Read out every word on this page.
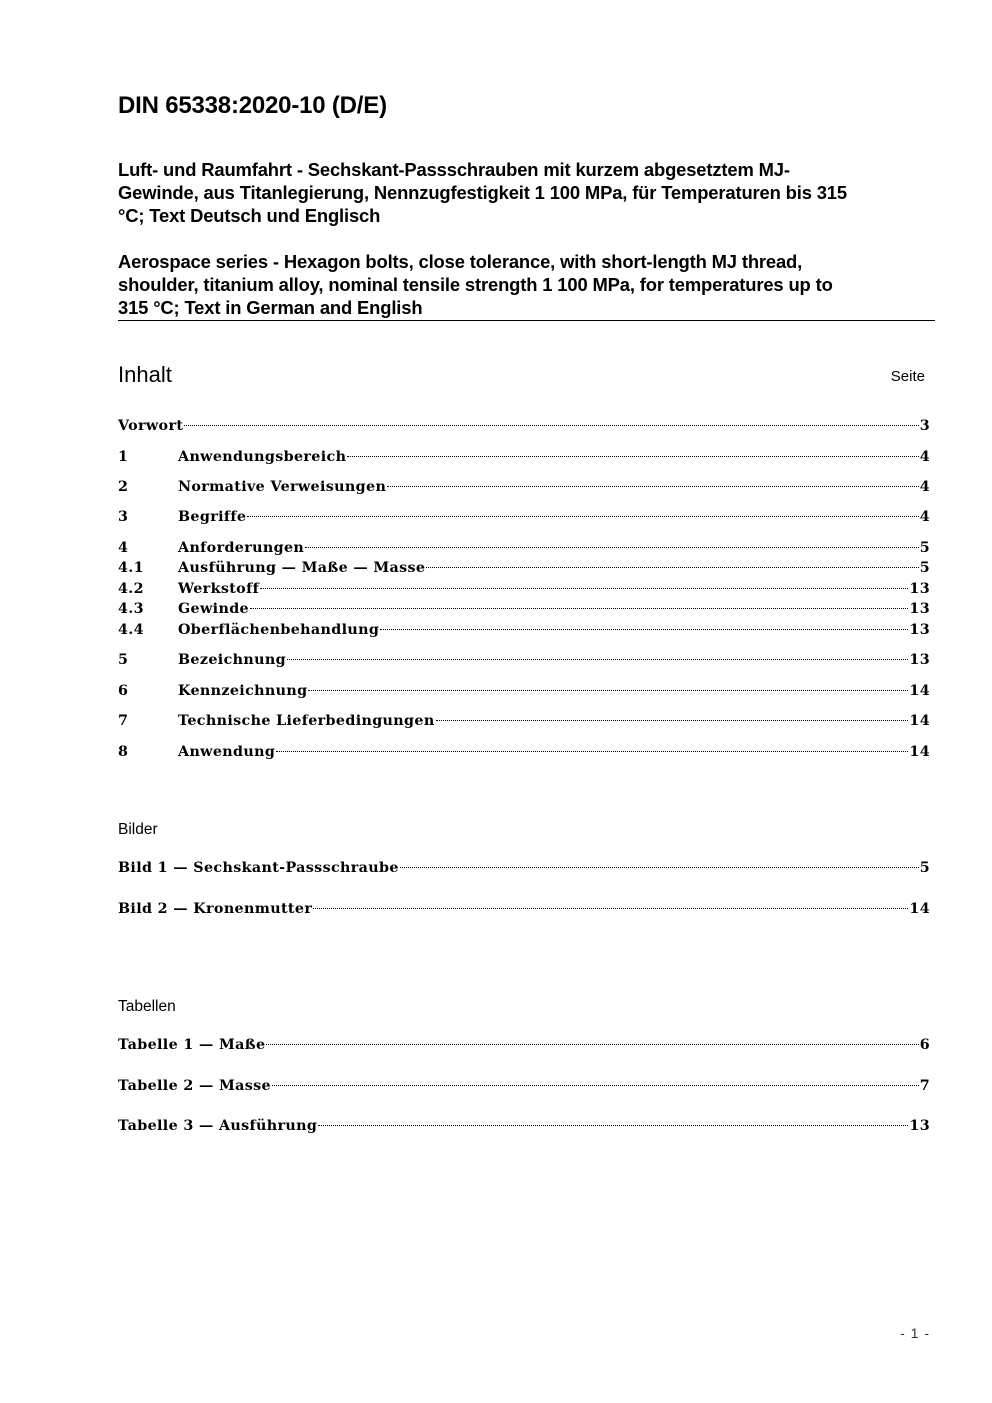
DIN 65338:2020-10 (D/E)
Luft- und Raumfahrt - Sechskant-Passschrauben mit kurzem abgesetztem MJ-
Gewinde, aus Titanlegierung, Nennzugfestigkeit 1 100 MPa, für Temperaturen bis 315
°C; Text Deutsch und Englisch
Aerospace series - Hexagon bolts, close tolerance, with short-length MJ thread,
shoulder, titanium alloy, nominal tensile strength 1 100 MPa, for temperatures up to
315 °C; Text in German and English
Inhalt	Seite
Vorwort	3
1	Anwendungsbereich	4
2	Normative Verweisungen	4
3	Begriffe	4
4	Anforderungen	5
4.1	Ausführung — Maße — Masse	5
4.2	Werkstoff	13
4.3	Gewinde	13
4.4	Oberflächenbehandlung	13
5	Bezeichnung	13
6	Kennzeichnung	14
7	Technische Lieferbedingungen	14
8	Anwendung	14
Bilder
Bild 1 — Sechskant-Passschraube	5
Bild 2 — Kronenmutter	14
Tabellen
Tabelle 1 — Maße	6
Tabelle 2 — Masse	7
Tabelle 3 — Ausführung	13
- 1 -
